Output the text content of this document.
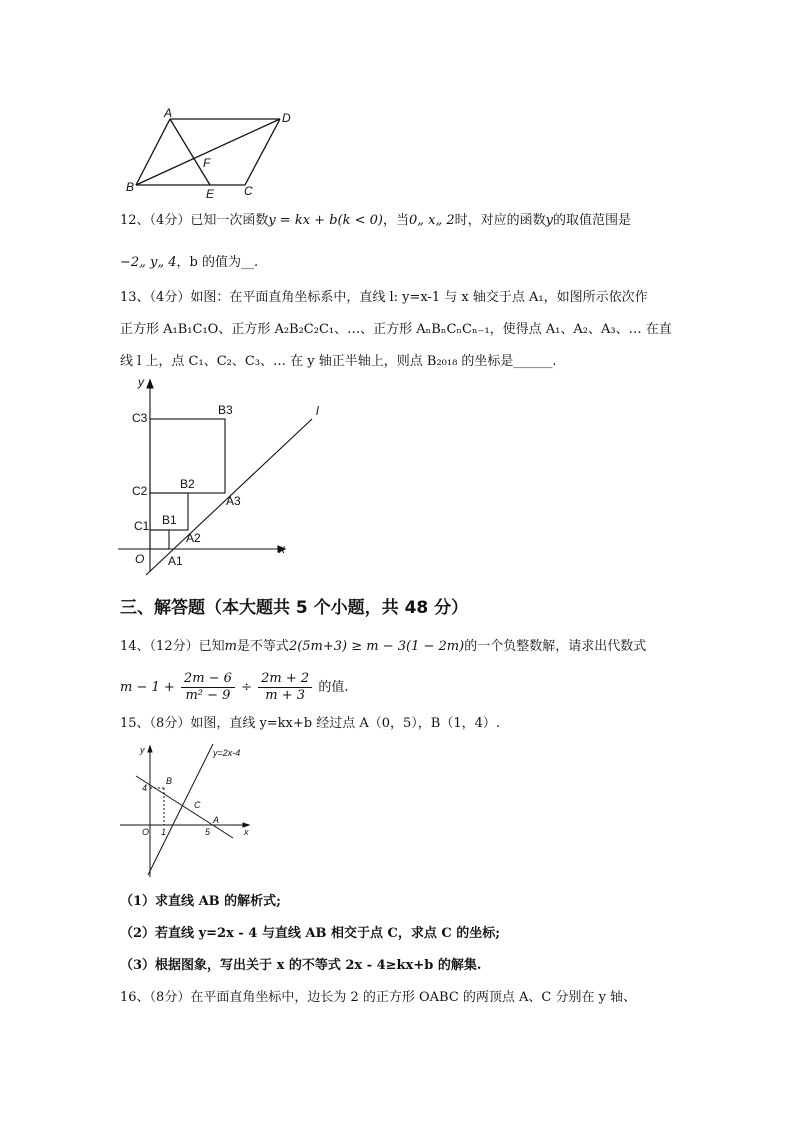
A	D
F
B	E C
12、（4分）已知一次函数y = kx + b(k < 0)，当0„ x„ 2时，对应的函数y的取值范围是
−2„ y„ 4，b 的值为__.
13、（4分）如图：在平面直角坐标系中，直线 l: y=x-1 与 x 轴交于点 A₁，如图所示依次作
正方形 A₁B₁C₁O、正方形 A₂B₂C₂C₁、…、正方形 AₙBₙCₙCₙ₋₁，使得点 A₁、A₂、A₃、… 在直
线 l 上，点 C₁、C₂、C₃、… 在 y 轴正半轴上，则点 B₂₀₁₈ 的坐标是______.
y
x
l
O
C1
C2
C3
B1
B2
B3
A1
A2
A3
三、解答题（本大题共 5 个小题，共 48 分）
14、（12分）已知m是不等式2(5m+3) ≥ m − 3(1 − 2m)的一个负整数解，请求出代数式
$m - 1 + \frac{2m - 6}{\text{m² − 9}} \div \frac{2m + 2}{m + 3}$ 的值.
15、（8分）如图，直线 y=kx+b 经过点 A（0，5），B（1，4）.
y
x
O
4
1	5
B
C
A
y=2x-4
（1）求直线 AB 的解析式;
（2）若直线 y=2x - 4 与直线 AB 相交于点 C，求点 C 的坐标;
（3）根据图象，写出关于 x 的不等式 2x - 4≥kx+b 的解集.
16、（8分）在平面直角坐标中，边长为 2 的正方形 OABC 的两顶点 A、C 分别在 y 轴、
